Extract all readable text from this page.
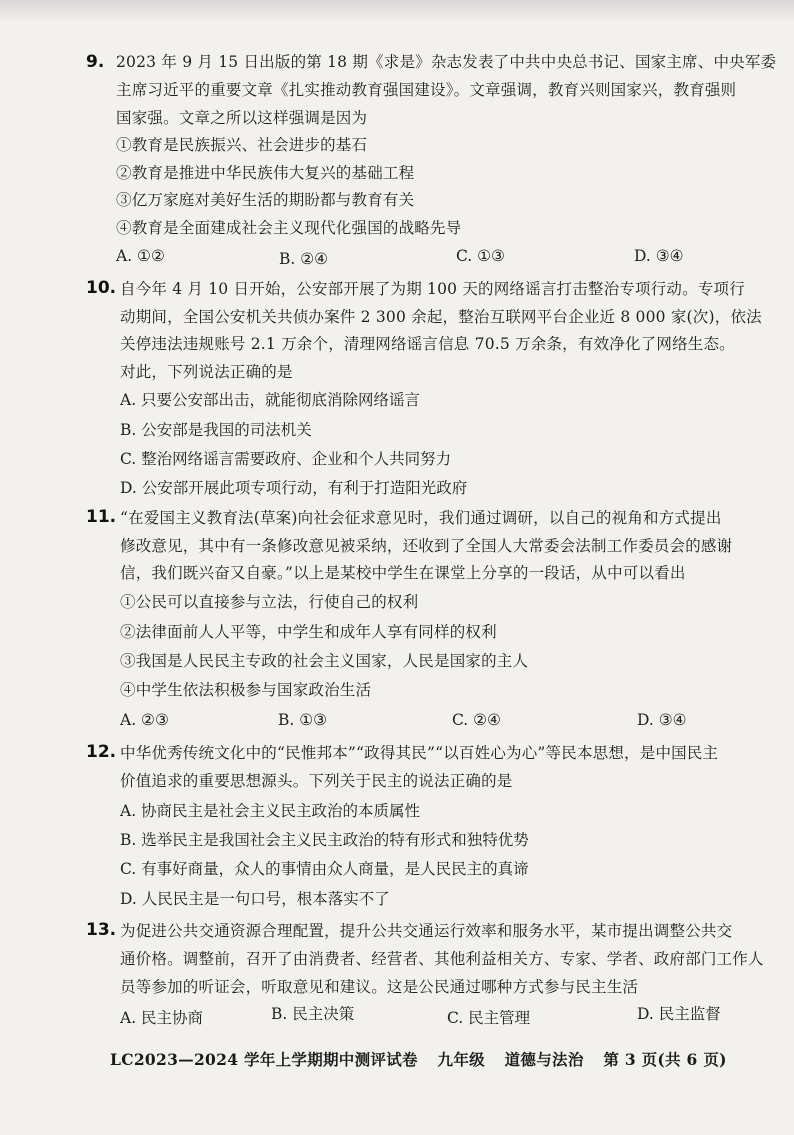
9. 2023 年 9 月 15 日出版的第 18 期《求是》杂志发表了中共中央总书记、国家主席、中央军委
主席习近平的重要文章《扎实推动教育强国建设》。文章强调，教育兴则国家兴，教育强则
国家强。文章之所以这样强调是因为
①教育是民族振兴、社会进步的基石
②教育是推进中华民族伟大复兴的基础工程
③亿万家庭对美好生活的期盼都与教育有关
④教育是全面建成社会主义现代化强国的战略先导
A. ①②	B. ②④	C. ①③	D. ③④
10. 自今年 4 月 10 日开始，公安部开展了为期 100 天的网络谣言打击整治专项行动。专项行
动期间，全国公安机关共侦办案件 2 300 余起，整治互联网平台企业近 8 000 家(次)，依法
关停违法违规账号 2.1 万余个，清理网络谣言信息 70.5 万余条，有效净化了网络生态。
对此，下列说法正确的是
A. 只要公安部出击，就能彻底消除网络谣言
B. 公安部是我国的司法机关
C. 整治网络谣言需要政府、企业和个人共同努力
D. 公安部开展此项专项行动，有利于打造阳光政府
11. “在爱国主义教育法(草案)向社会征求意见时，我们通过调研，以自己的视角和方式提出
修改意见，其中有一条修改意见被采纳，还收到了全国人大常委会法制工作委员会的感谢
信，我们既兴奋又自豪。”以上是某校中学生在课堂上分享的一段话，从中可以看出
①公民可以直接参与立法，行使自己的权利
②法律面前人人平等，中学生和成年人享有同样的权利
③我国是人民民主专政的社会主义国家，人民是国家的主人
④中学生依法积极参与国家政治生活
A. ②③	B. ①③	C. ②④	D. ③④
12. 中华优秀传统文化中的“民惟邦本”“政得其民”“以百姓心为心”等民本思想，是中国民主
价值追求的重要思想源头。下列关于民主的说法正确的是
A. 协商民主是社会主义民主政治的本质属性
B. 选举民主是我国社会主义民主政治的特有形式和独特优势
C. 有事好商量，众人的事情由众人商量，是人民民主的真谛
D. 人民民主是一句口号，根本落实不了
13. 为促进公共交通资源合理配置，提升公共交通运行效率和服务水平，某市提出调整公共交
通价格。调整前，召开了由消费者、经营者、其他利益相关方、专家、学者、政府部门工作人
员等参加的听证会，听取意见和建议。这是公民通过哪种方式参与民主生活
A. 民主协商	B. 民主决策	C. 民主管理	D. 民主监督
LC2023—2024 学年上学期期中测评试卷 九年级 道德与法治 第 3 页(共 6 页)
